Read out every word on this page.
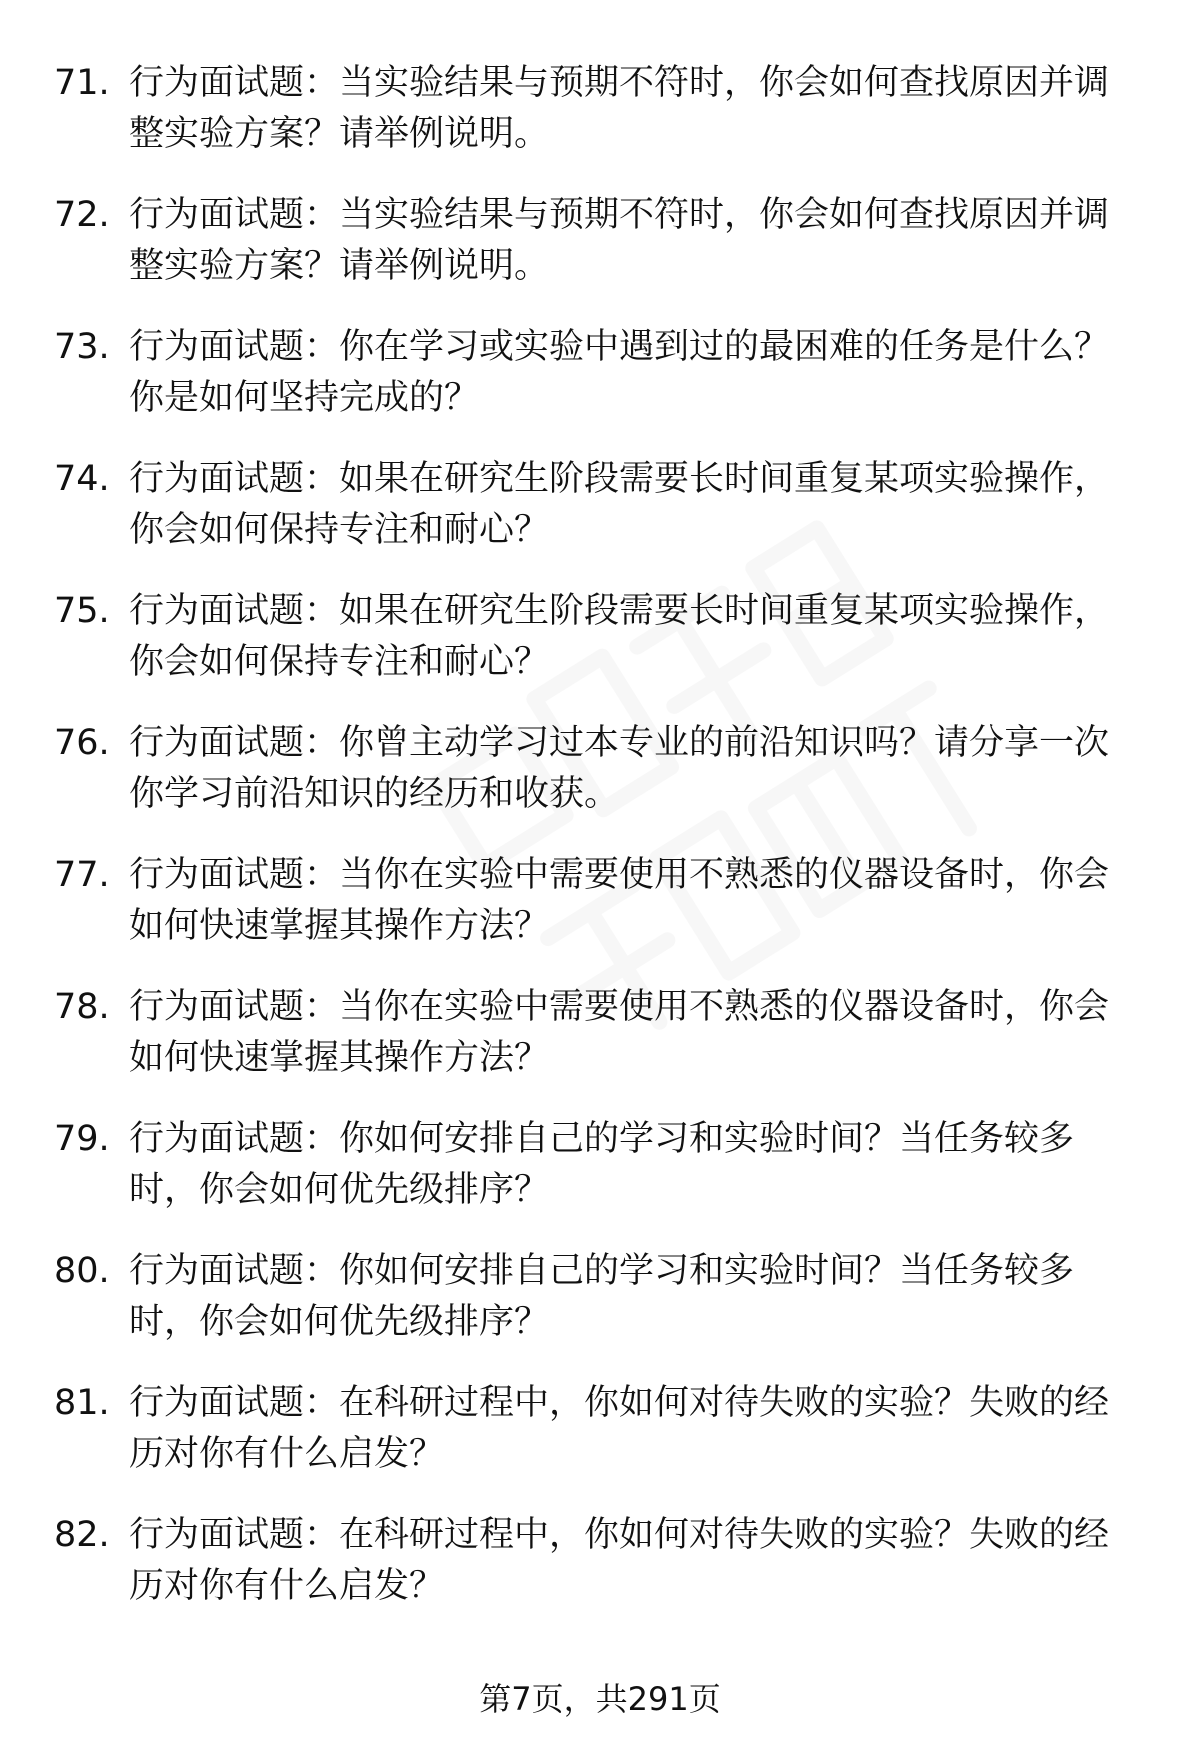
71. 行为面试题：当实验结果与预期不符时，你会如何查找原因并调
整实验方案？请举例说明。
72. 行为面试题：当实验结果与预期不符时，你会如何查找原因并调
整实验方案？请举例说明。
73. 行为面试题：你在学习或实验中遇到过的最困难的任务是什么？
你是如何坚持完成的？
74. 行为面试题：如果在研究生阶段需要长时间重复某项实验操作，
你会如何保持专注和耐心？
75. 行为面试题：如果在研究生阶段需要长时间重复某项实验操作，
你会如何保持专注和耐心？
76. 行为面试题：你曾主动学习过本专业的前沿知识吗？请分享一次
你学习前沿知识的经历和收获。
77. 行为面试题：当你在实验中需要使用不熟悉的仪器设备时，你会
如何快速掌握其操作方法？
78. 行为面试题：当你在实验中需要使用不熟悉的仪器设备时，你会
如何快速掌握其操作方法？
79. 行为面试题：你如何安排自己的学习和实验时间？当任务较多
时，你会如何优先级排序？
80. 行为面试题：你如何安排自己的学习和实验时间？当任务较多
时，你会如何优先级排序？
81. 行为面试题：在科研过程中，你如何对待失败的实验？失败的经
历对你有什么启发？
82. 行为面试题：在科研过程中，你如何对待失败的实验？失败的经
历对你有什么启发？
第7页，共291页
